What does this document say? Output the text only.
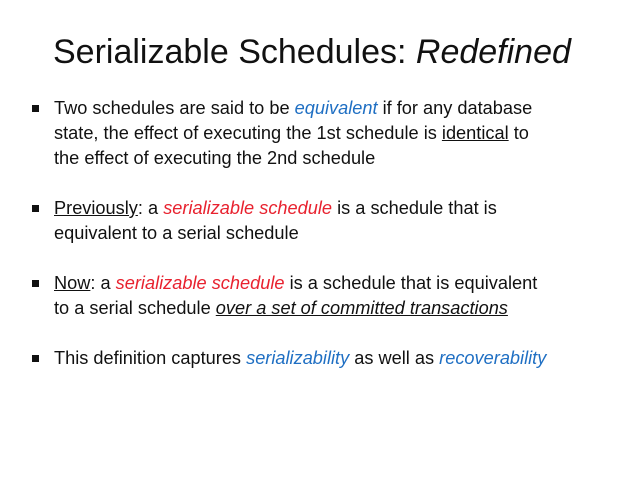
Serializable Schedules: Redefined
Two schedules are said to be equivalent if for any database
state, the effect of executing the 1st schedule is identical to
the effect of executing the 2nd schedule
Previously: a serializable schedule is a schedule that is
equivalent to a serial schedule
Now: a serializable schedule is a schedule that is equivalent
to a serial schedule over a set of committed transactions
This definition captures serializability as well as recoverability
